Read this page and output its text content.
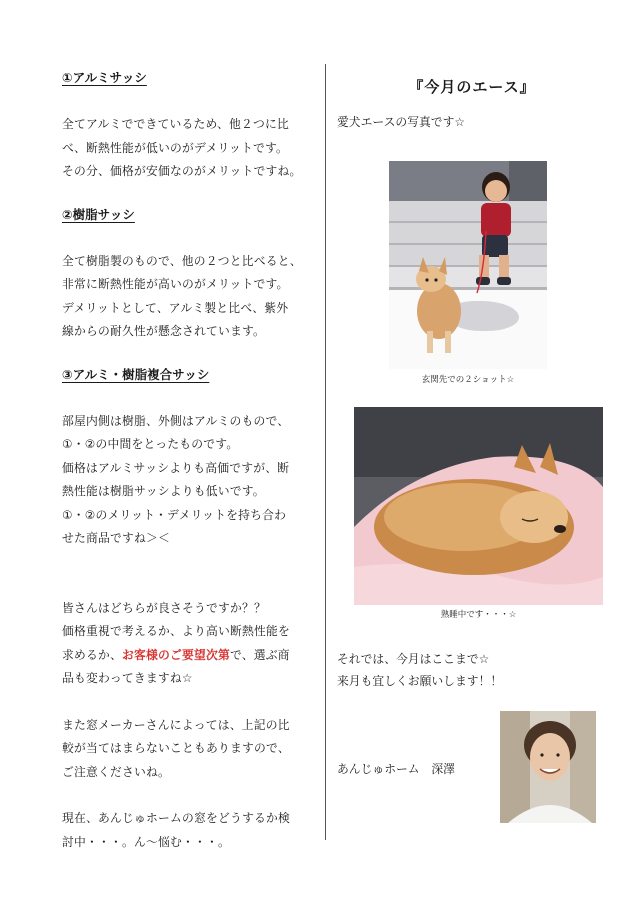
①アルミサッシ

全てアルミでできているため、他２つに比

べ、断熱性能が低いのがデメリットです。

その分、価格が安価なのがメリットですね。

②樹脂サッシ

全て樹脂製のもので、他の２つと比べると、

非常に断熱性能が高いのがメリットです。

デメリットとして、アルミ製と比べ、紫外

線からの耐久性が懸念されています。

③アルミ・樹脂複合サッシ

部屋内側は樹脂、外側はアルミのもので、

①・②の中間をとったものです。

価格はアルミサッシよりも高価ですが、断

熱性能は樹脂サッシよりも低いです。

①・②のメリット・デメリットを持ち合わ

せた商品ですね＞＜

皆さんはどちらが良さそうですか？？

価格重視で考えるか、より高い断熱性能を

求めるか、お客様のご要望次第で、選ぶ商

品も変わってきますね☆

また窓メーカーさんによっては、上記の比

較が当てはまらないこともありますので、

ご注意くださいね。

現在、あんじゅホームの窓をどうするか検

討中・・・。ん～悩む・・・。

『今月のエース』

愛犬エースの写真です☆

玄関先での２ショット☆
熟睡中です・・・☆

それでは、今月はここまで☆

来月も宜しくお願いします！！

あんじゅホーム　深澤
